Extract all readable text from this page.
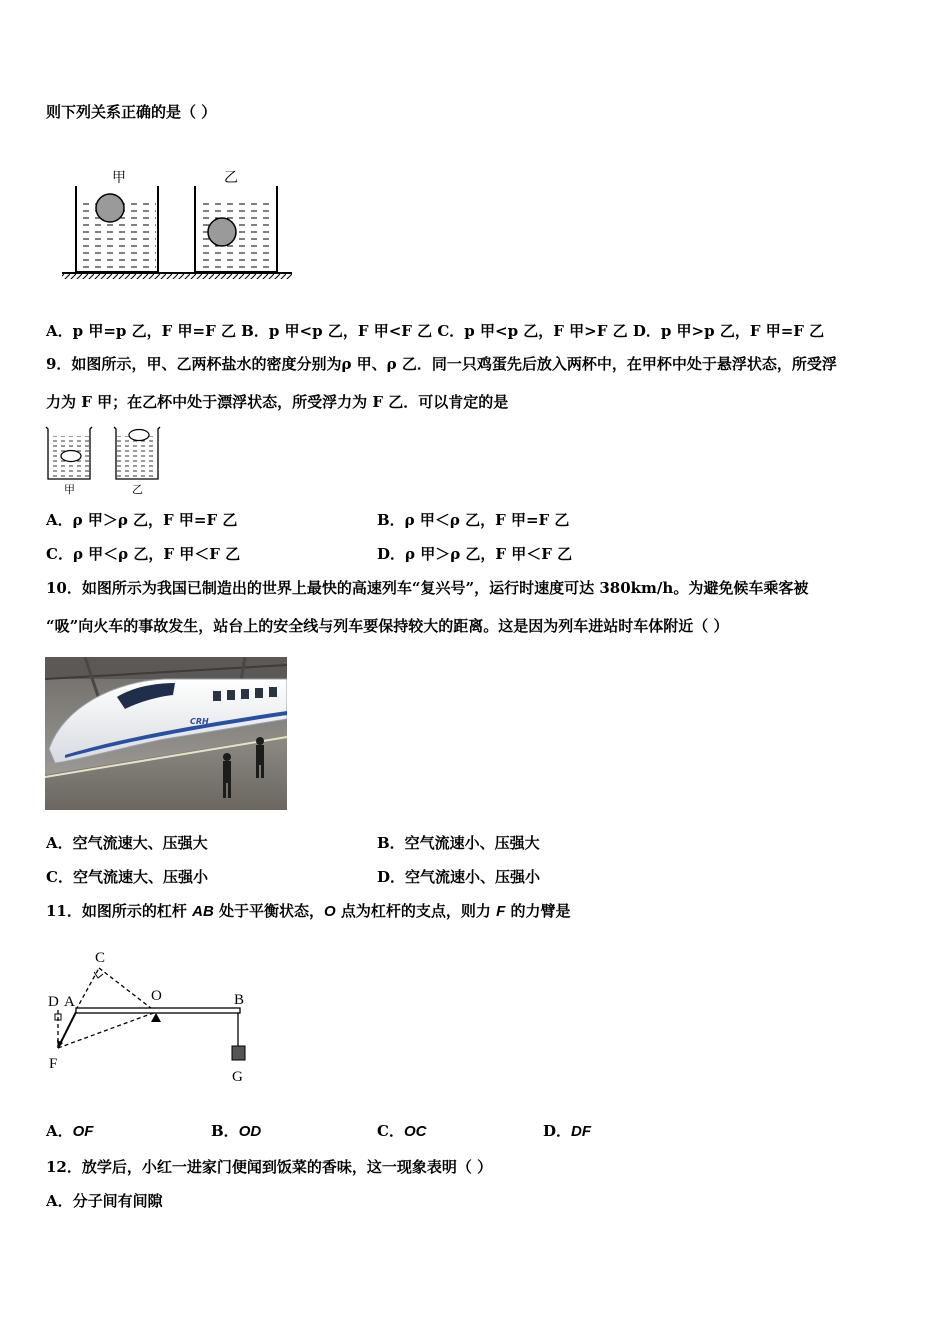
则下列关系正确的是（ ）
甲	乙
A．p 甲=p 乙，F 甲=F 乙 B．p 甲<p 乙，F 甲<F 乙 C．p 甲<p 乙，F 甲>F 乙 D．p 甲>p 乙，F 甲=F 乙
9．如图所示，甲、乙两杯盐水的密度分别为ρ 甲、ρ 乙．同一只鸡蛋先后放入两杯中，在甲杯中处于悬浮状态，所受浮
力为 F 甲；在乙杯中处于漂浮状态，所受浮力为 F 乙．可以肯定的是
甲	乙
A．ρ 甲＞ρ 乙，F 甲=F 乙	B．ρ 甲＜ρ 乙，F 甲=F 乙
C．ρ 甲＜ρ 乙，F 甲＜F 乙	D．ρ 甲＞ρ 乙，F 甲＜F 乙
10．如图所示为我国已制造出的世界上最快的高速列车“复兴号”，运行时速度可达 380km/h。为避免候车乘客被
“吸”向火车的事故发生，站台上的安全线与列车要保持较大的距离。这是因为列车进站时车体附近（ ）
CRH
A．空气流速大、压强大	B．空气流速小、压强大
C．空气流速大、压强小	D．空气流速小、压强小
11．如图所示的杠杆 AB 处于平衡状态，O 点为杠杆的支点，则力 F 的力臂是
C
D A	O	B
F
G
A．OF	B．OD	C．OC	D．DF
12．放学后，小红一进家门便闻到饭菜的香味，这一现象表明（ ）
A．分子间有间隙
